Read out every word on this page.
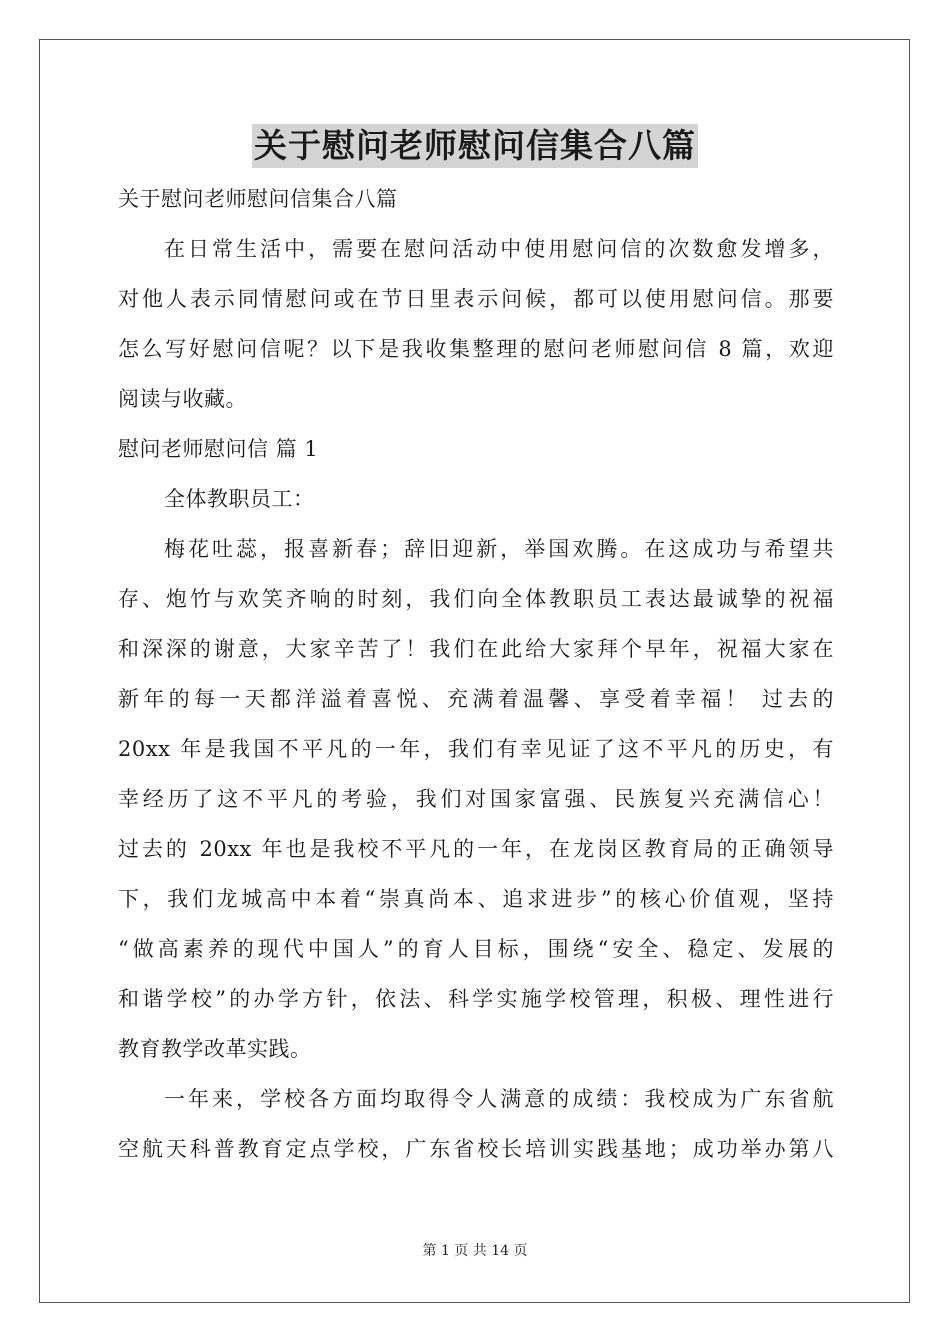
关于慰问老师慰问信集合八篇
关于慰问老师慰问信集合八篇
在日常生活中，需要在慰问活动中使用慰问信的次数愈发增多，
对他人表示同情慰问或在节日里表示问候，都可以使用慰问信。那要
怎么写好慰问信呢？以下是我收集整理的慰问老师慰问信 8 篇，欢迎
阅读与收藏。
慰问老师慰问信 篇 1
全体教职员工：
梅花吐蕊，报喜新春；辞旧迎新，举国欢腾。在这成功与希望共
存、炮竹与欢笑齐响的时刻，我们向全体教职员工表达最诚挚的祝福
和深深的谢意，大家辛苦了！我们在此给大家拜个早年，祝福大家在
新年的每一天都洋溢着喜悦、充满着温馨、享受着幸福！ 过去的
20xx 年是我国不平凡的一年，我们有幸见证了这不平凡的历史，有
幸经历了这不平凡的考验，我们对国家富强、民族复兴充满信心！
过去的 20xx 年也是我校不平凡的一年，在龙岗区教育局的正确领导
下，我们龙城高中本着“崇真尚本、追求进步”的核心价值观，坚持
“做高素养的现代中国人”的育人目标，围绕“安全、稳定、发展的
和谐学校”的办学方针，依法、科学实施学校管理，积极、理性进行
教育教学改革实践。
一年来，学校各方面均取得令人满意的成绩：我校成为广东省航
空航天科普教育定点学校，广东省校长培训实践基地；成功举办第八
第 1 页 共 14 页
